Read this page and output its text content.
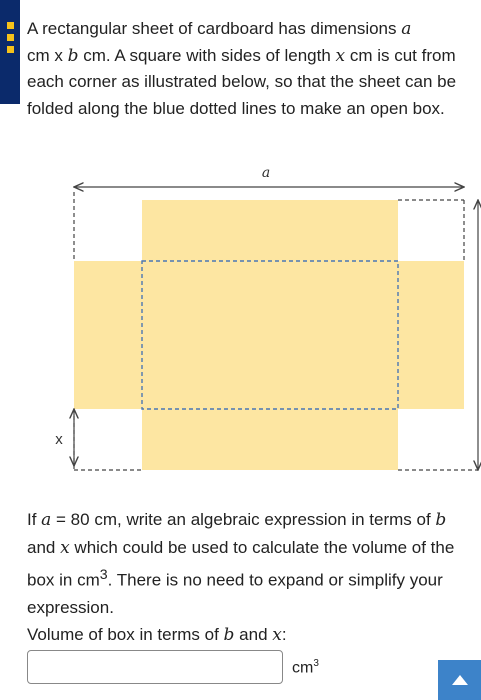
A rectangular sheet of cardboard has dimensions a
cm x b cm. A square with sides of length x cm is cut from each corner as illustrated below, so that the sheet can be folded along the blue dotted lines to make an open box.

a
x

If a = 80 cm, write an algebraic expression in terms of b and x which could be used to calculate the volume of the box in $cm^3$. There is no need to expand or simplify your expression.

Volume of box in terms of b and x:
$cm^3$
